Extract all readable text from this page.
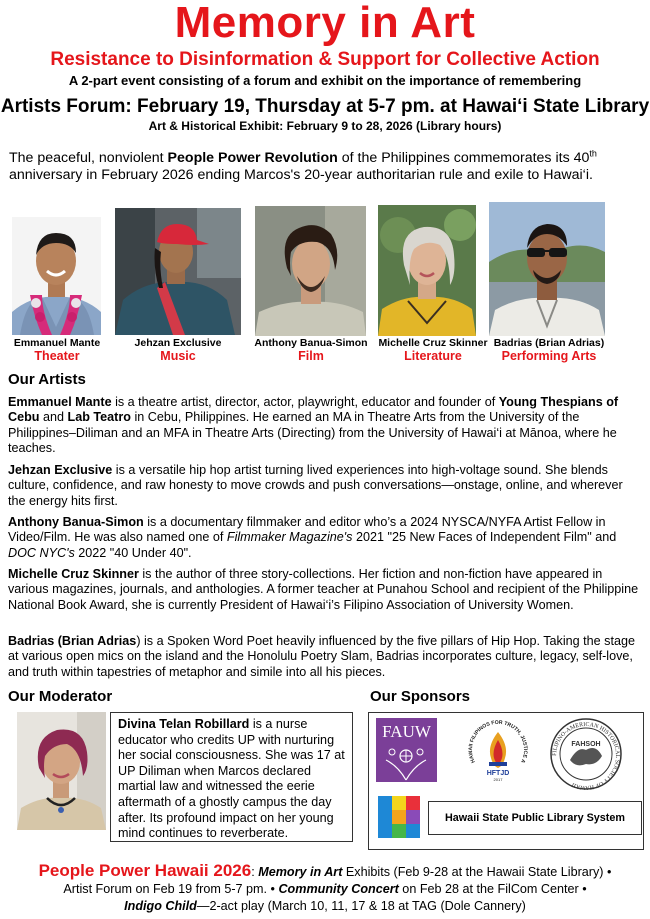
Memory in Art
Resistance to Disinformation & Support for Collective Action
A 2-part event consisting of a forum and exhibit on the importance of remembering
Artists Forum: February 19, Thursday at 5-7 pm. at Hawai‘i State Library
Art & Historical Exhibit: February 9 to 28, 2026 (Library hours)
The peaceful, nonviolent People Power Revolution of the Philippines commemorates its 40th anniversary in February 2026 ending Marcos's 20-year authoritarian rule and exile to Hawai‘i.
Emmanuel Mante
Theater
Jehzan Exclusive
Music
Anthony Banua-Simon
Film
Michelle Cruz Skinner
Literature
Badrias (Brian Adrias)
Performing Arts
Our Artists
Emmanuel Mante is a theatre artist, director, actor, playwright, educator and founder of Young Thespians of Cebu and Lab Teatro in Cebu, Philippines. He earned an MA in Theatre Arts from the University of the Philippines–Diliman and an MFA in Theatre Arts (Directing) from the University of Hawai‘i at Mānoa, where he teaches.
Jehzan Exclusive is a versatile hip hop artist turning lived experiences into high-voltage sound. She blends culture, confidence, and raw honesty to move crowds and push conversations—onstage, online, and wherever the energy hits first.
Anthony Banua-Simon is a documentary filmmaker and editor who’s a 2024 NYSCA/NYFA Artist Fellow in Video/Film. He was also named one of Filmmaker Magazine's 2021 "25 New Faces of Independent Film" and DOC NYC's 2022 "40 Under 40".
Michelle Cruz Skinner is the author of three story-collections. Her fiction and non-fiction have appeared in various magazines, journals, and anthologies. A former teacher at Punahou School and recipient of the Philippine National Book Award, she is currently President of Hawai‘i’s Filipino Association of University Women.
Badrias (Brian Adrias) is a Spoken Word Poet heavily influenced by the five pillars of Hip Hop. Taking the stage at various open mics on the island and the Honolulu Poetry Slam, Badrias incorporates culture, legacy, self-love, and truth within tapestries of metaphor and simile into all his pieces.
Our Moderator
Divina Telan Robillard is a nurse educator who credits UP with nurturing her social consciousness. She was 17 at UP Diliman when Marcos declared martial law and witnessed the eerie aftermath of a ghostly campus the day after. Its profound impact on her young mind continues to reverberate.
Our Sponsors
FAUW
HAWAII FILIPINOS FOR TRUTH, JUSTICE A
HFTJD
2017
FILIPINO-AMERICAN HISTORICAL SOCIETY OF HAWAII
FAHSOH
Hawaii State Public Library System
People Power Hawaii 2026: Memory in Art Exhibits (Feb 9-28 at the Hawaii State Library) •
Artist Forum on Feb 19 from 5-7 pm. • Community Concert on Feb 28 at the FilCom Center •
Indigo Child—2-act play (March 10, 11, 17 & 18 at TAG (Dole Cannery)
